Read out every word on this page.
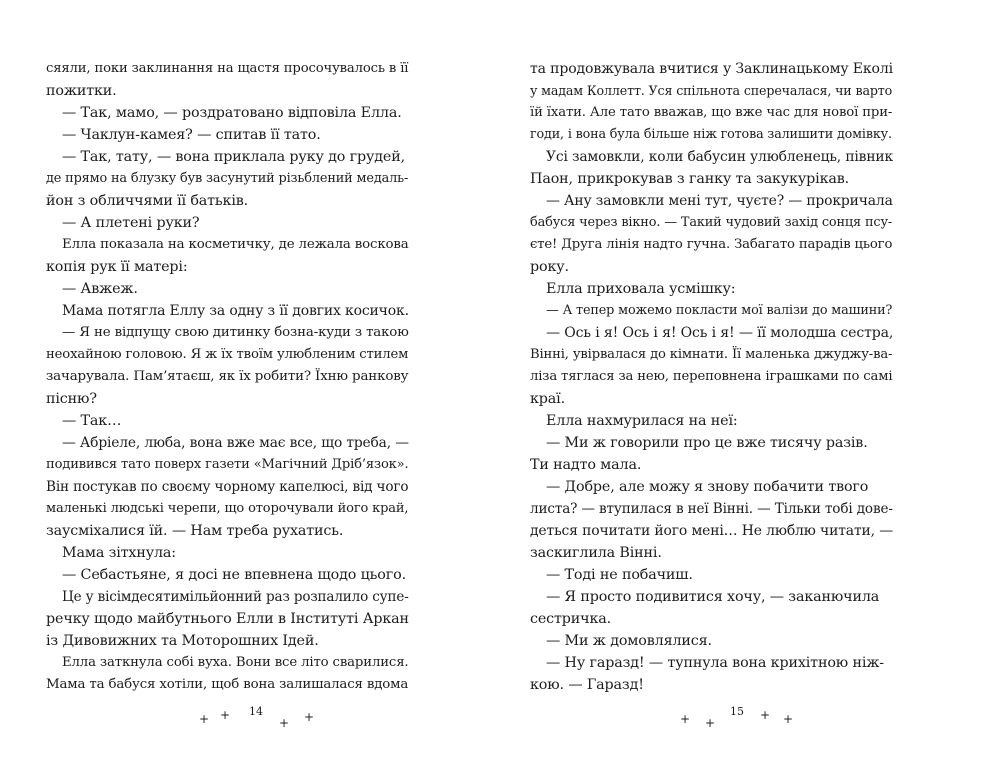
сяяли, поки заклинання на щастя просочувалось в її
пожитки.
— Так, мамо, — роздратовано відповіла Елла.
— Чаклун-камея? — спитав її тато.
— Так, тату, — вона приклала руку до грудей,
де прямо на блузку був засунутий різьблений медаль-
йон з обличчями її батьків.
— А плетені руки?
Елла показала на косметичку, де лежала воскова
копія рук її матері:
— Авжеж.
Мама потягла Еллу за одну з її довгих косичок.
— Я не відпущу свою дитинку бозна-куди з такою
неохайною головою. Я ж їх твоїм улюбленим стилем
зачарувала. Пам’ятаєш, як їх робити? Їхню ранкову
пісню?
— Так…
— Абріеле, люба, вона вже має все, що треба, —
подивився тато поверх газети «Магічний Дріб’язок».
Він постукав по своєму чорному капелюсі, від чого
маленькі людські черепи, що оторочували його край,
заусміхалися їй. — Нам треба рухатись.
Мама зітхнула:
— Себастьяне, я досі не впевнена щодо цього.
Це у вісімдесятимільйонний раз розпалило супе-
речку щодо майбутнього Елли в Інституті Аркан
із Дивовижних та Моторошних Ідей.
Елла заткнула собі вуха. Вони все літо сварилися.
Мама та бабуся хотіли, щоб вона залишалася вдома
+ + 14
+ +
та продовжувала вчитися у Заклинацькому Еколі
у мадам Коллетт. Уся спільнота сперечалася, чи варто
їй їхати. Але тато вважав, що вже час для нової при-
годи, і вона була більше ніж готова залишити домівку.
Усі замовкли, коли бабусин улюбленець, півник
Паон, прикрокував з ганку та закукурікав.
— Ану замовкли мені тут, чуєте? — прокричала
бабуся через вікно. — Такий чудовий захід сонця псу-
єте! Друга лінія надто гучна. Забагато парадів цього
року.
Елла приховала усмішку:
— А тепер можемо покласти мої валізи до машини?
— Ось і я! Ось і я! Ось і я! — її молодша сестра,
Вінні, увірвалася до кімнати. Її маленька джуджу-ва-
ліза тяглася за нею, переповнена іграшками по самі
краї.
Елла нахмурилася на неї:
— Ми ж говорили про це вже тисячу разів.
Ти надто мала.
— Добре, але можу я знову побачити твого
листа? — втупилася в неї Вінні. — Тільки тобі дове-
деться почитати його мені… Не люблю читати, —
заскиглила Вінні.
— Тоді не побачиш.
— Я просто подивитися хочу, — заканючила
сестричка.
— Ми ж домовлялися.
— Ну гаразд! — тупнула вона крихітною ніж-
кою. — Гаразд!
+ +
15 + +
